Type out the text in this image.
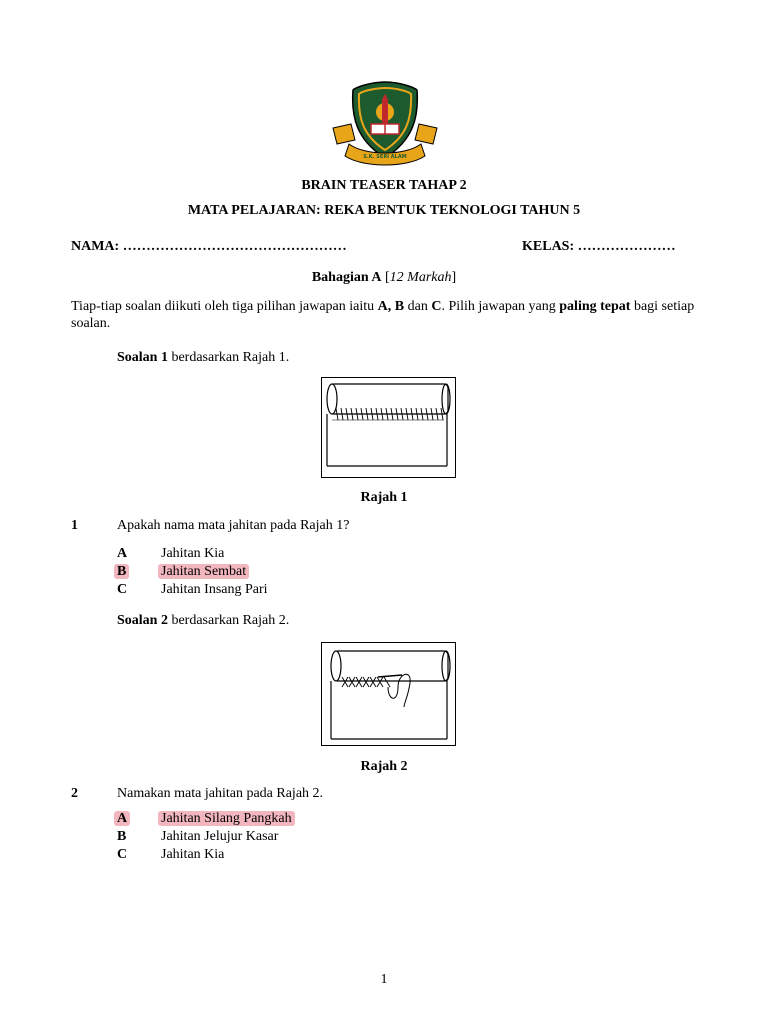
S.K. SERI ALAM
BRAIN TEASER TAHAP 2
MATA PELAJARAN: REKA BENTUK TEKNOLOGI TAHUN 5
NAMA: …………………………………………	KELAS: …………………
Bahagian A [12 Markah]
Tiap-tiap soalan diikuti oleh tiga pilihan jawapan iaitu A, B dan C. Pilih jawapan yang paling tepat bagi setiap soalan.
Soalan 1 berdasarkan Rajah 1.
Rajah 1
1	Apakah nama mata jahitan pada Rajah 1?
A Jahitan Kia
B Jahitan Sembat
C Jahitan Insang Pari
Soalan 2 berdasarkan Rajah 2.
Rajah 2
2	Namakan mata jahitan pada Rajah 2.
A Jahitan Silang Pangkah
B Jahitan Jelujur Kasar
C Jahitan Kia
1
